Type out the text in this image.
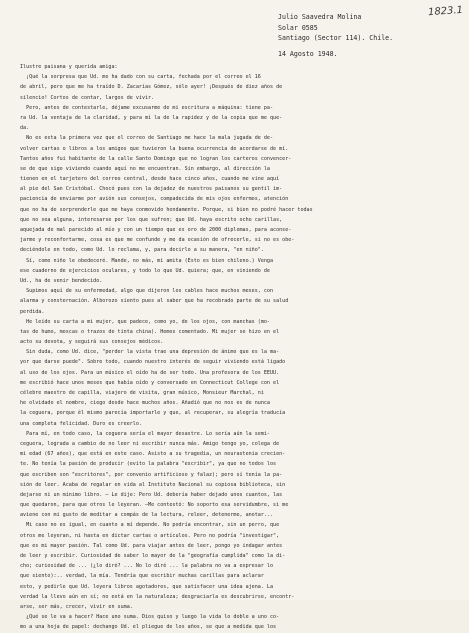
1823.1
Julio Saavedra Molina
Solar 0585
Santiago (Sector 114). Chile.
14 Agosto 1948.
Ilustre paisana y querida amiga:
¡Qué la sorpresa que Ud. me ha dado con su carta, fechada por el correo el 16
de abril, pero que me ha traído D. Zacarías Gómez, sólo ayer! ¡Después de diez años de
silencio! Cortos de contar, largos de vivir.
Pero, antes de contestarle, déjame excusarme de mi escritura a máquina: tiene pa-
ra Ud. la ventaja de la claridad, y para mí la de la rapidez y de la copia que me que-
da.
No es esta la primera vez que el correo de Santiago me hace la mala jugada de de-
volver cartas o libros a los amigos que tuvieron la buena ocurrencia de acordarse de mí.
Tantos años fui habitante de la calle Santo Domingo que no logran los carteros convencer-
se de que sigo viviendo cuando aquí no me encuentran. Sin embargo, al dirección la
tienen en el tarjetero del correo central, desde hace cinco años, cuando me vine aquí
al pie del San Cristóbal. Chocó pues con la dejadez de nuestros paisanos su gentil im-
paciencia de enviarme por avión sus consejos, compadecida de mis ojos enfermos, atención
que no ha de sorprenderle que me haya conmovido hondamente. Porque, si bien no podré hacer todas
que no sea alguna, interesarse por los que sufren; que Ud. haya escrito ocho carillas,
aquejada de mal parecido al mío y con un tiempo que es oro de 2000 diplomas, para aconse-
jarme y reconfortarme, cosa es que me confunde y me da ocasión de ofrecerle, si no es obe-
deciéndole en todo, como Ud. lo reclama, y, para decirlo a su manera, "en niño".
Sí, como niño le obedeceré. Mande, no más, mi amita (Esto es bien chileno.) Venga
ese cuaderno de ejercicios oculares, y todo lo que Ud. quiera; que, en viniendo de
Ud., ha de venir bendecido.
Supimos aquí de su enfermedad, algo que dijeron los cables hace muchos meses, con
alarma y consternación. Alborozo siento pues al saber que ha recobrado parte de su salud
perdida.
He leído su carta a mi mujer, que padece, como yo, de los ojos, con manchas (mo-
tas de humo, moscas o trazos de tinta china). Hemos comentado. Mi mujer se hizo en el
acto su devota, y seguirá sus consejos médicos.
Sin duda, como Ud. dice, "perder la vista trae una depresión de ánimo que es la ma-
yor que darse puede". Sobre todo, cuando nuestro interés de seguir viviendo está ligado
al uso de los ojos. Para un músico el oído ha de ser todo. Una profesora de los EEUU.
me escribió hace unos meses que había oído y conversado en Connecticut College con el
célebre maestro de capilla, viajero de visita, gran músico, Monsieur Marchal, ni
he olvidado el nombre, ciego desde hace muchos años. Añadió que no nos es de nunca
la ceguera, porque él mismo parecía importarle y que, al recuperar, su alegría traducía
una completa felicidad. Duro es creerlo.
Para mí, en todo caso, la ceguera sería el mayor desastre. Lo sería aún la semi-
ceguera, lograda a cambio de no leer ni escribir nunca más. Amigo tengo yo, colega de
mi edad (67 años), que está en este caso. Asisto a su tragedia, un neurastenia crecien-
te. No tenía la pasión de producir (evito la palabra "escribir", ya que no todos los
que escriben son "escritores", por convenio artificioso y falaz); pero sí tenía la pa-
sión de leer. Acaba de regalar en vida al Instituto Nacional su copiosa biblioteca, sin
dejarse ni un mínimo libro. — Le dije: Pero Ud. debería haber dejado unos cuantos, las
que quedaron, para que otros le leyeran. —Me contestó: No soporto esa servidumbre, si me
aviene con mi gusto de meditar a compás de la lectura, releer, detenerme, anotar...
Mi caso no es igual, en cuanto a mí depende. No podría encontrar, sin un perro, que
otros me leyeran, ni hasta en dictar cartas o artículos. Pero no podría "investigar",
que es mi mayor pasión. Tal como Ud. para viajar antes de leer, pongo yo indagar antes
de leer y escribir. Curiosidad de saber lo mayor de la "geografía cumplida" como la di-
cho; curiosidad de ... (¿lo diré? ... No lo diré ... la palabra no va a expresar lo
que siento):.. verdad, la mía. Tendría que escribir muchas carillas para aclarar
esto, y pedirle que Ud. leyera libros agotadores, que satisfacer una idea ajena. La
verdad la llevo aún en sí; no está en la naturaleza; desgraciarla es descubrirse, encontr-
arse, ser más, crecer, vivir en suma.
¿Qué se le va a hacer? Hace uno suma. Dios quiso y luego la vida lo doble a uno co-
mo a una hoja de papel: dechango Ud. el pliegue de los años, se que a medida que los
